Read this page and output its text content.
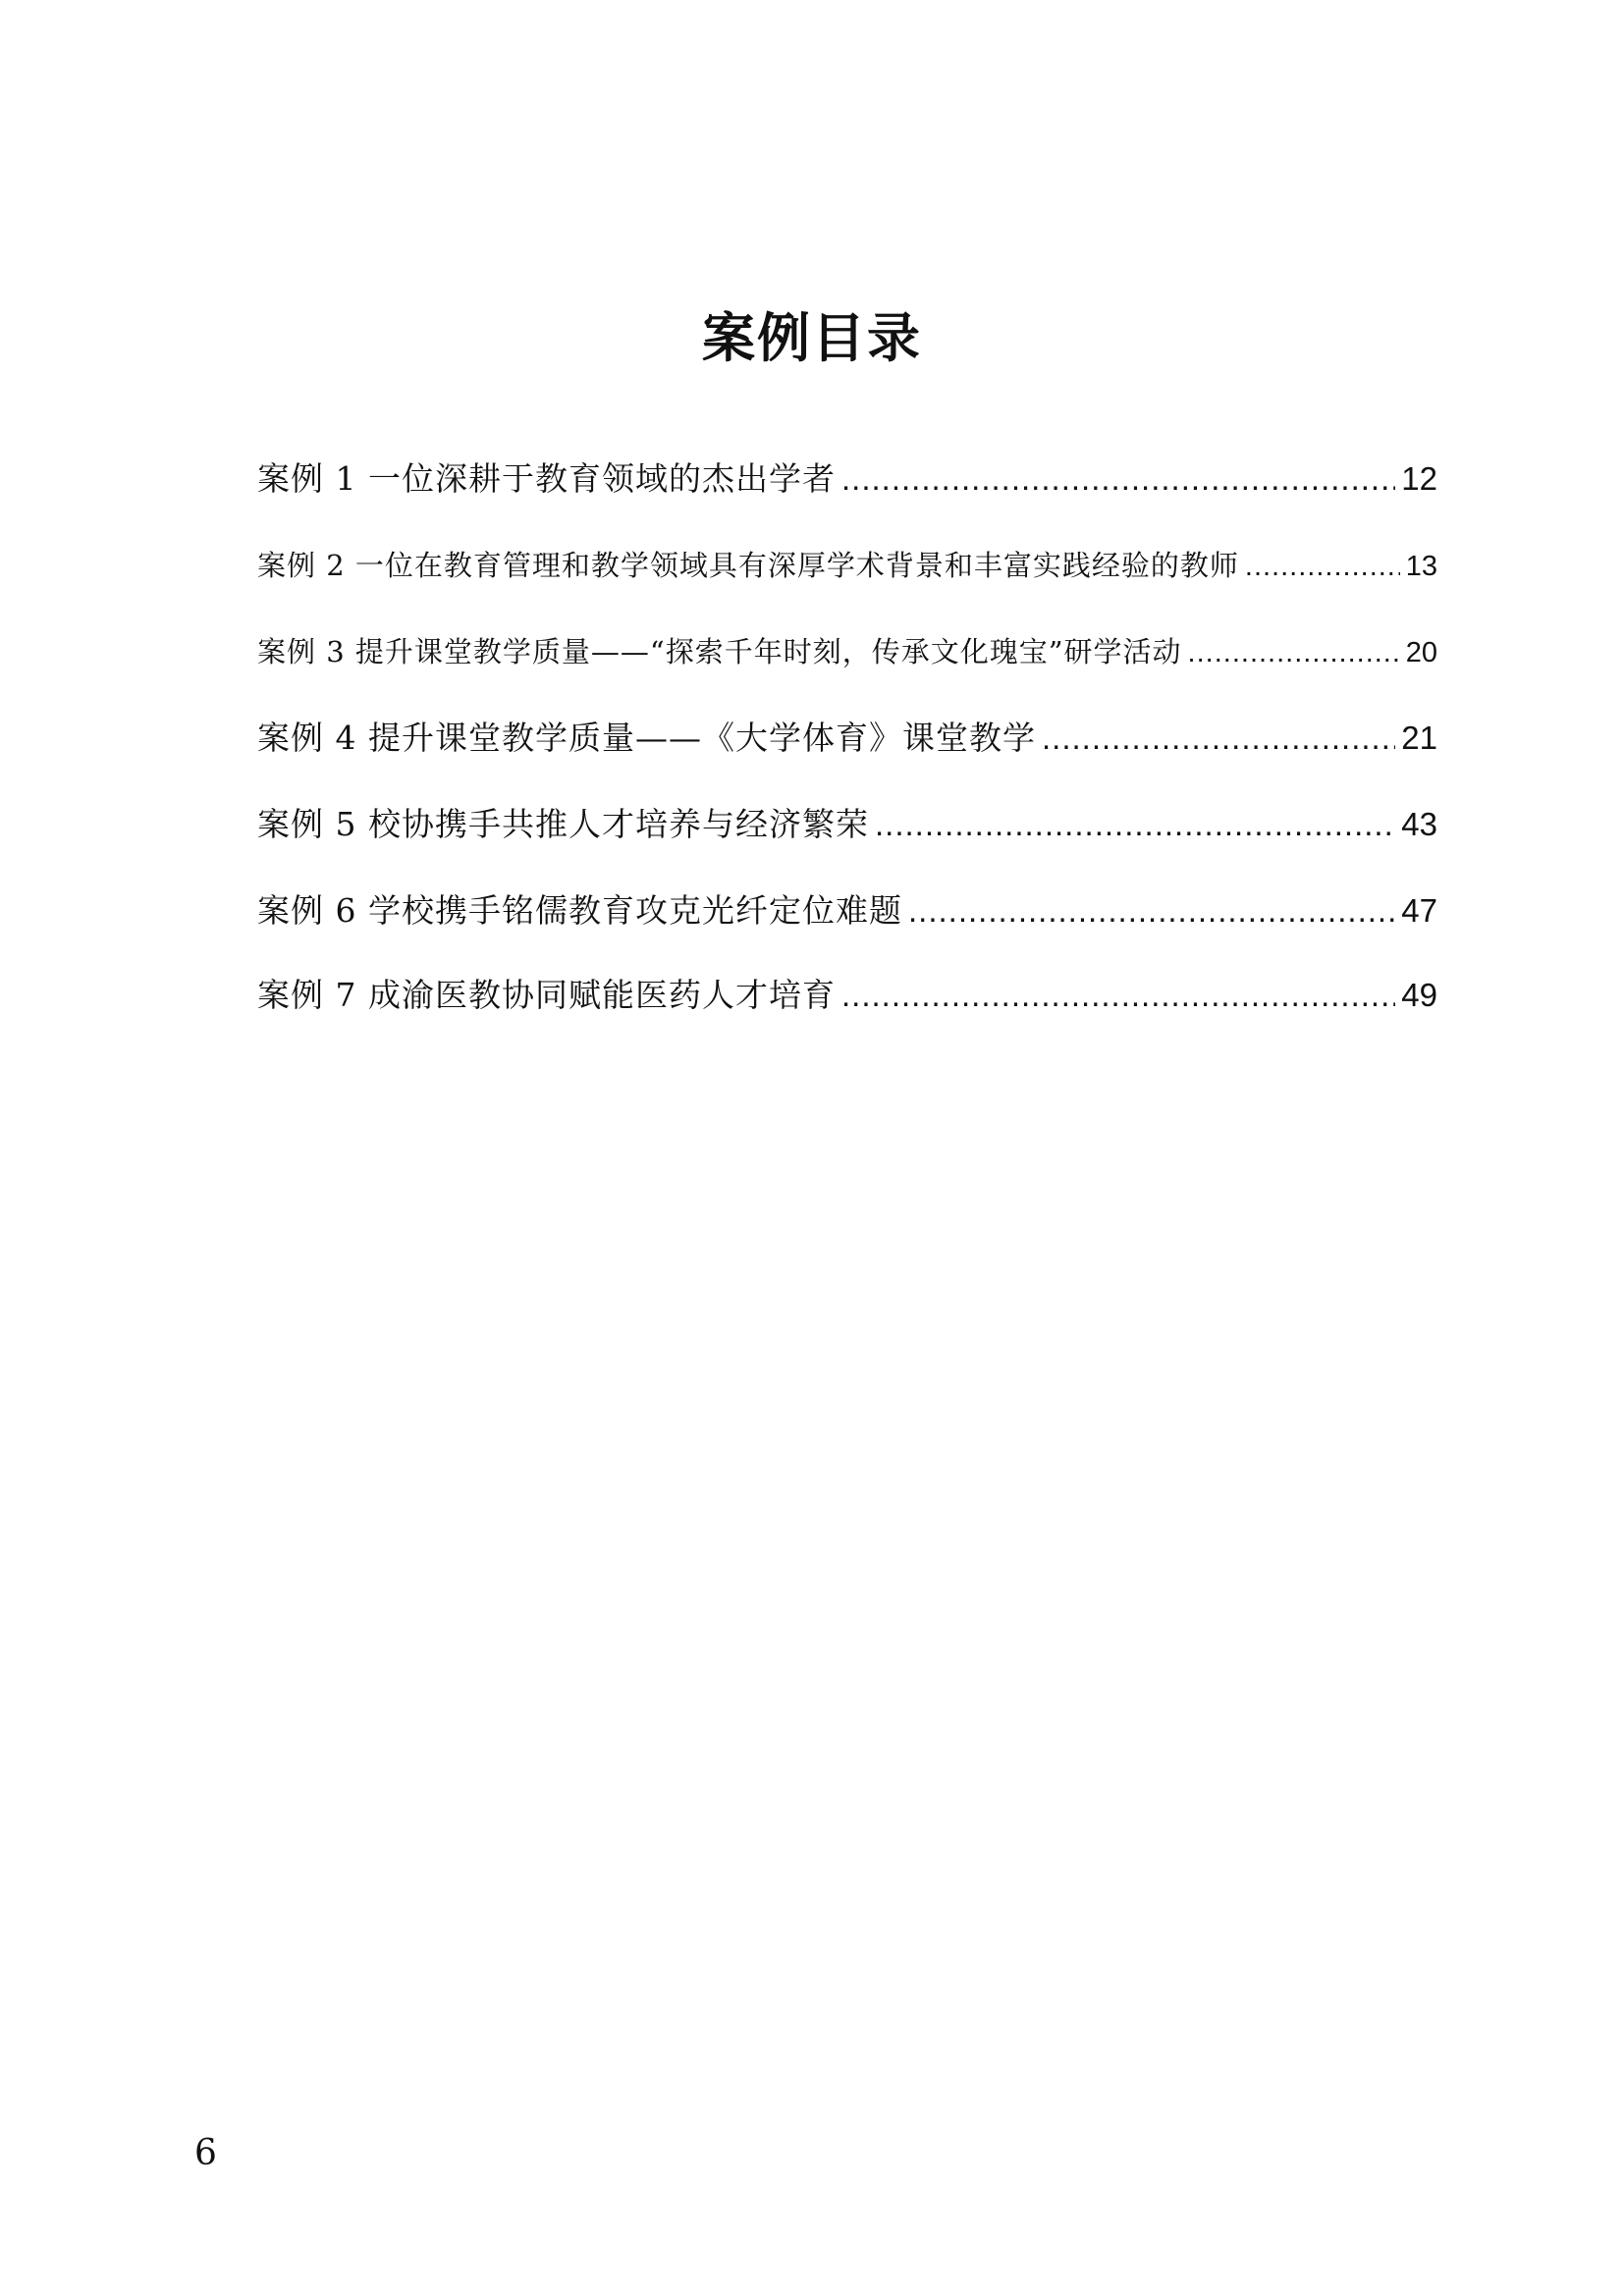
案例目录
案例 1 一位深耕于教育领域的杰出学者 .....	12
案例 2 一位在教育管理和教学领域具有深厚学术背景和丰富实践经验的教师 .....	13
案例 3 提升课堂教学质量——“探索千年时刻，传承文化瑰宝”研学活动 .....	20
案例 4 提升课堂教学质量——《大学体育》课堂教学 .....	21
案例 5 校协携手共推人才培养与经济繁荣 .....	43
案例 6 学校携手铭儒教育攻克光纤定位难题 .....	47
案例 7 成渝医教协同赋能医药人才培育 .....	49
6
